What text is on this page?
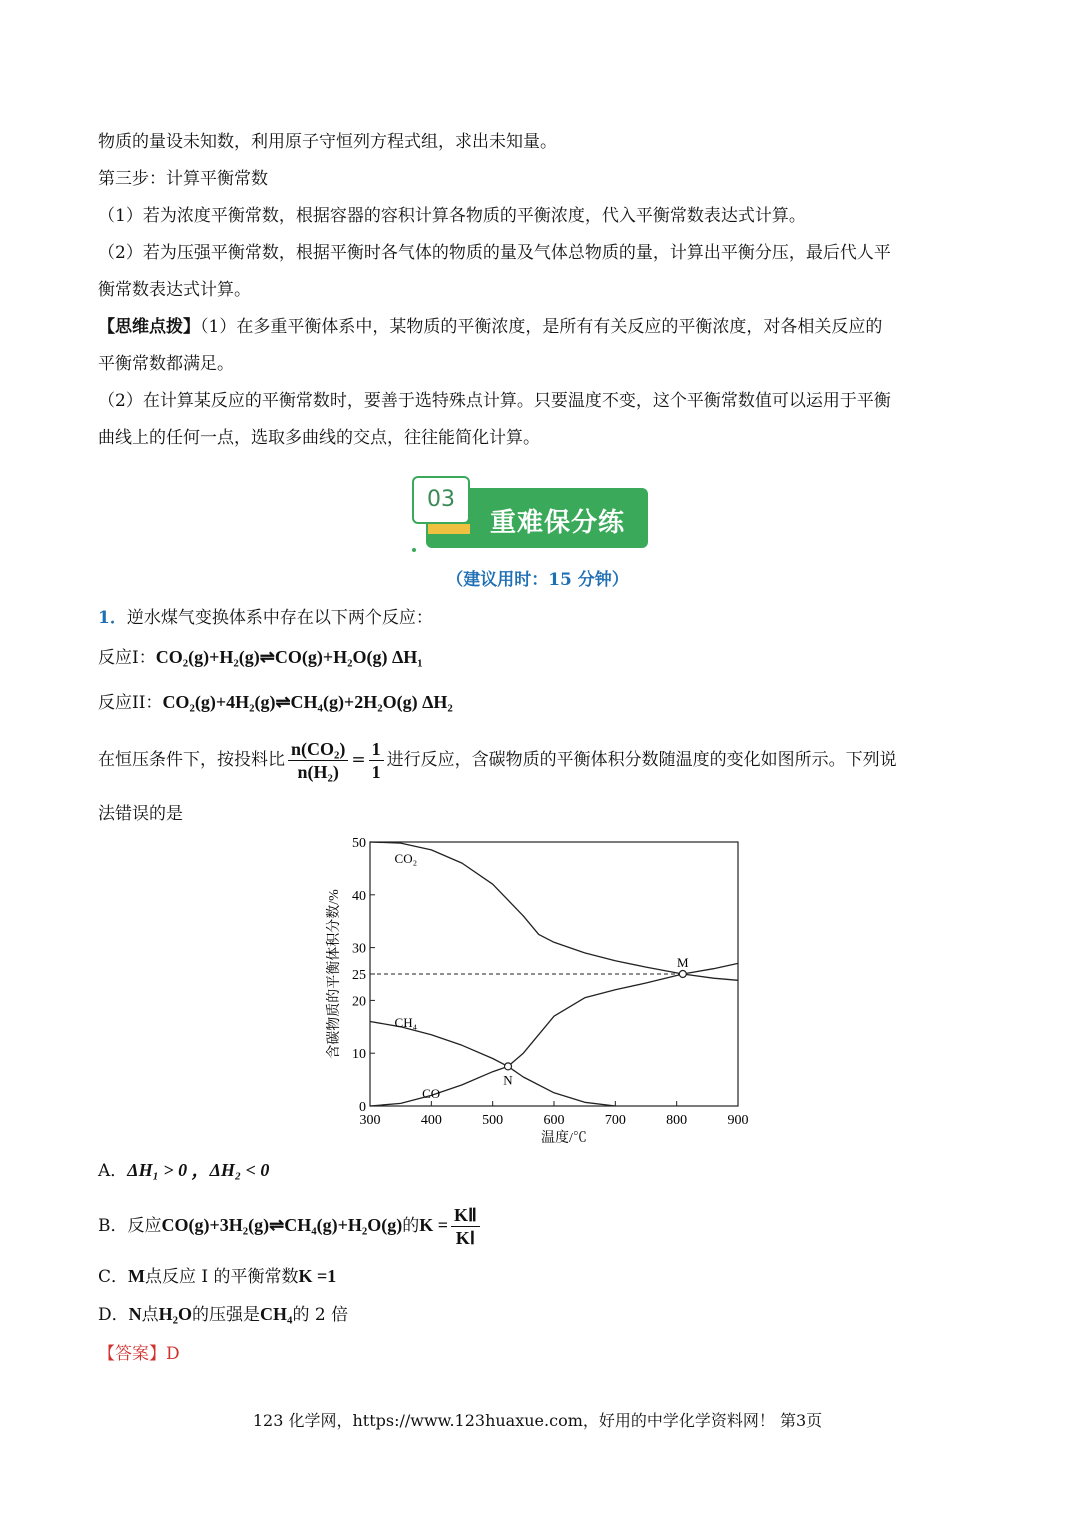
物质的量设未知数，利用原子守恒列方程式组，求出未知量。
第三步：计算平衡常数
（1）若为浓度平衡常数，根据容器的容积计算各物质的平衡浓度，代入平衡常数表达式计算。
（2）若为压强平衡常数，根据平衡时各气体的物质的量及气体总物质的量，计算出平衡分压，最后代人平
衡常数表达式计算。
【思维点拨】（1）在多重平衡体系中，某物质的平衡浓度，是所有有关反应的平衡浓度，对各相关反应的
平衡常数都满足。
（2）在计算某反应的平衡常数时，要善于选特殊点计算。只要温度不变，这个平衡常数值可以运用于平衡
曲线上的任何一点，选取多曲线的交点，往往能简化计算。
重难保分练
03
（建议用时：15 分钟）
1．逆水煤气变换体系中存在以下两个反应：
反应I：CO₂(g)+H₂(g)⇌CO(g)+H₂O(g) ΔH₁
反应II：CO₂(g)+4H₂(g)⇌CH₄(g)+2H₂O(g) ΔH₂
在恒压条件下，按投料比 $\frac{\text{n(CO₂)}}{\text{n(H₂)}} = \frac{1}{1}$ 进行反应，含碳物质的平衡体积分数随温度的变化如图所示。下列说
法错误的是
300	400	500	600	700	800	900
0
10
20
25
30
40
50
温度/℃
含碳物质的平衡体积分数/%
CO₂
CH₄
CO
M
N
A．ΔH₁ > 0 ，ΔH₂ < 0
B．反应CO(g)+3H₂(g)⇌CH₄(g)+H₂O(g)的$K = \frac{\text{KⅡ}}{\text{KⅠ}}$
C．M点反应 I 的平衡常数K =1
D．N点H₂O的压强是CH₄的 2 倍
【答案】D
123 化学网，https://www.123huaxue.com，好用的中学化学资料网！ 第3页
